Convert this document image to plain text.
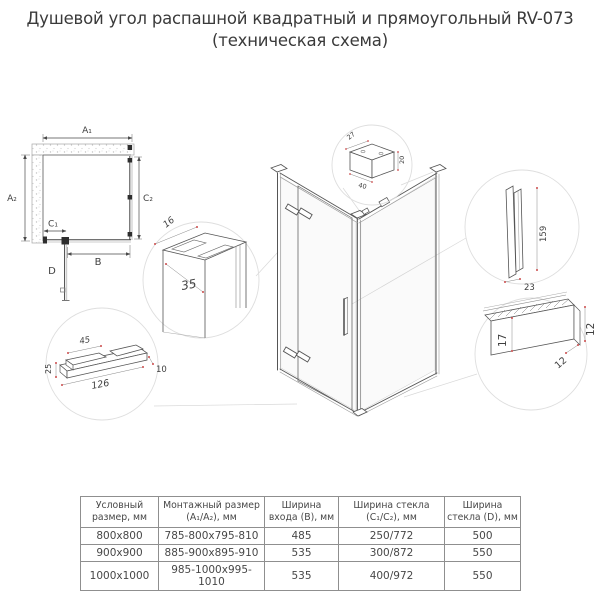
Душевой угол распашной квадратный и прямоугольный RV-073
(техническая схема)
A₁
A₂	C₂
C₁
B
D
27
20
40
16
35
159
23
45
25
126
10
17
12
12
Условный размер, мм	Монтажный размер (A₁/A₂), мм	Ширина входа (B), мм	Ширина стекла (C₁/C₂), мм	Ширина стекла (D), мм
800x800	785-800x795-810	485	250/772	500
900x900	885-900x895-910	535	300/872	550
1000x1000	985-1000x995-1010	535	400/972	550
